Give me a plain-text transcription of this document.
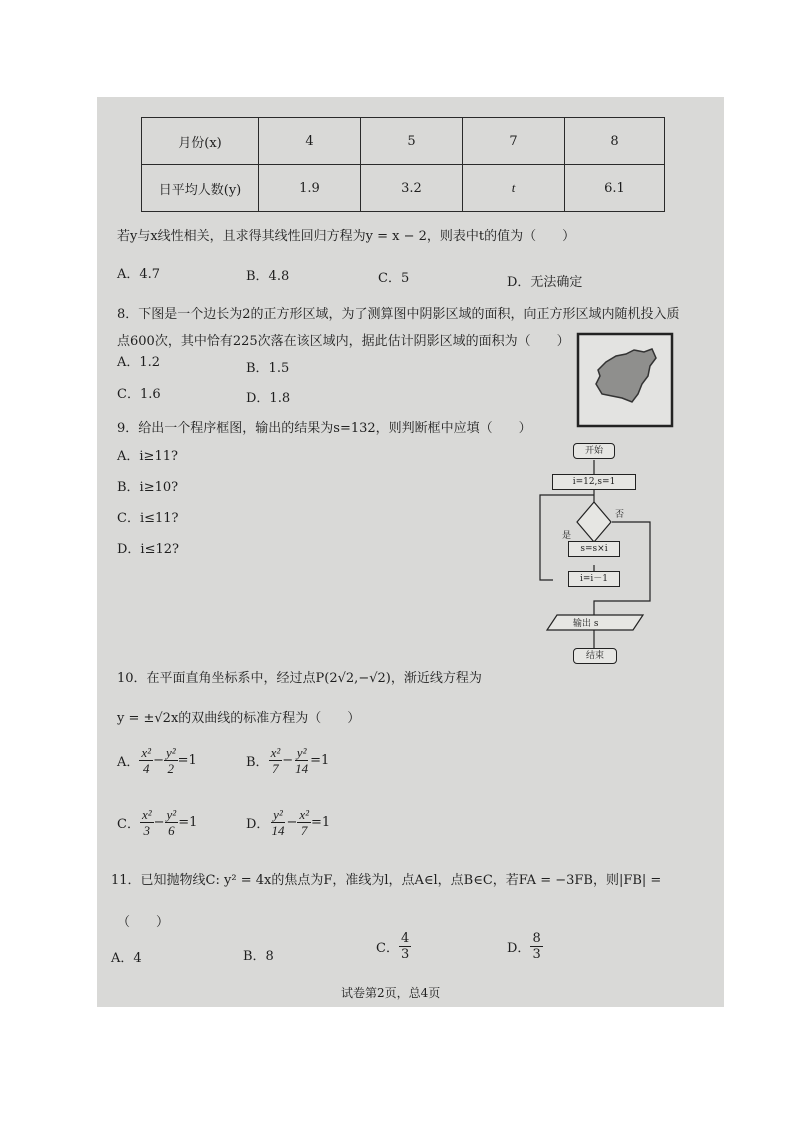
月份(x)	4	5	7	8
日平均人数(y)	1.9	3.2	t	6.1
若y与x线性相关，且求得其线性回归方程为y = x − 2，则表中t的值为（　　）
A．4.7	B．4.8	C．5	D．无法确定
8．下图是一个边长为2的正方形区域，为了测算图中阴影区域的面积，向正方形区域内随机投入质
点600次，其中恰有225次落在该区域内，据此估计阴影区域的面积为（　　）
A．1.2	B．1.5
C．1.6	D．1.8
9．给出一个程序框图，输出的结果为s=132，则判断框中应填（　　）
A．i≥11?
B．i≥10?
C．i≤11?
D．i≤12?
开始
i=12,s=1
是
否
s=s×i
i=i－1
输出 s
结束
10．在平面直角坐标系中，经过点P(2√2,−√2)，渐近线方程为
y = ±√2x的双曲线的标准方程为（　　）
A． $\frac{\text{x²}}{4} - \frac{\text{y²}}{2} =1$	B． $\frac{\text{x²}}{7} - \frac{\text{y²}}{14} =1$
C． $\frac{\text{x²}}{3} - \frac{\text{y²}}{6} =1$	D． $\frac{\text{y²}}{14} - \frac{\text{x²}}{7} =1$
11．已知抛物线C: y² = 4x的焦点为F，准线为l，点A∈l，点B∈C，若FA = −3FB，则|FB| =
（　　）
A．4	B．8
C． $\frac{4}{3}$	D． $\frac{8}{3}$
试卷第2页，总4页
